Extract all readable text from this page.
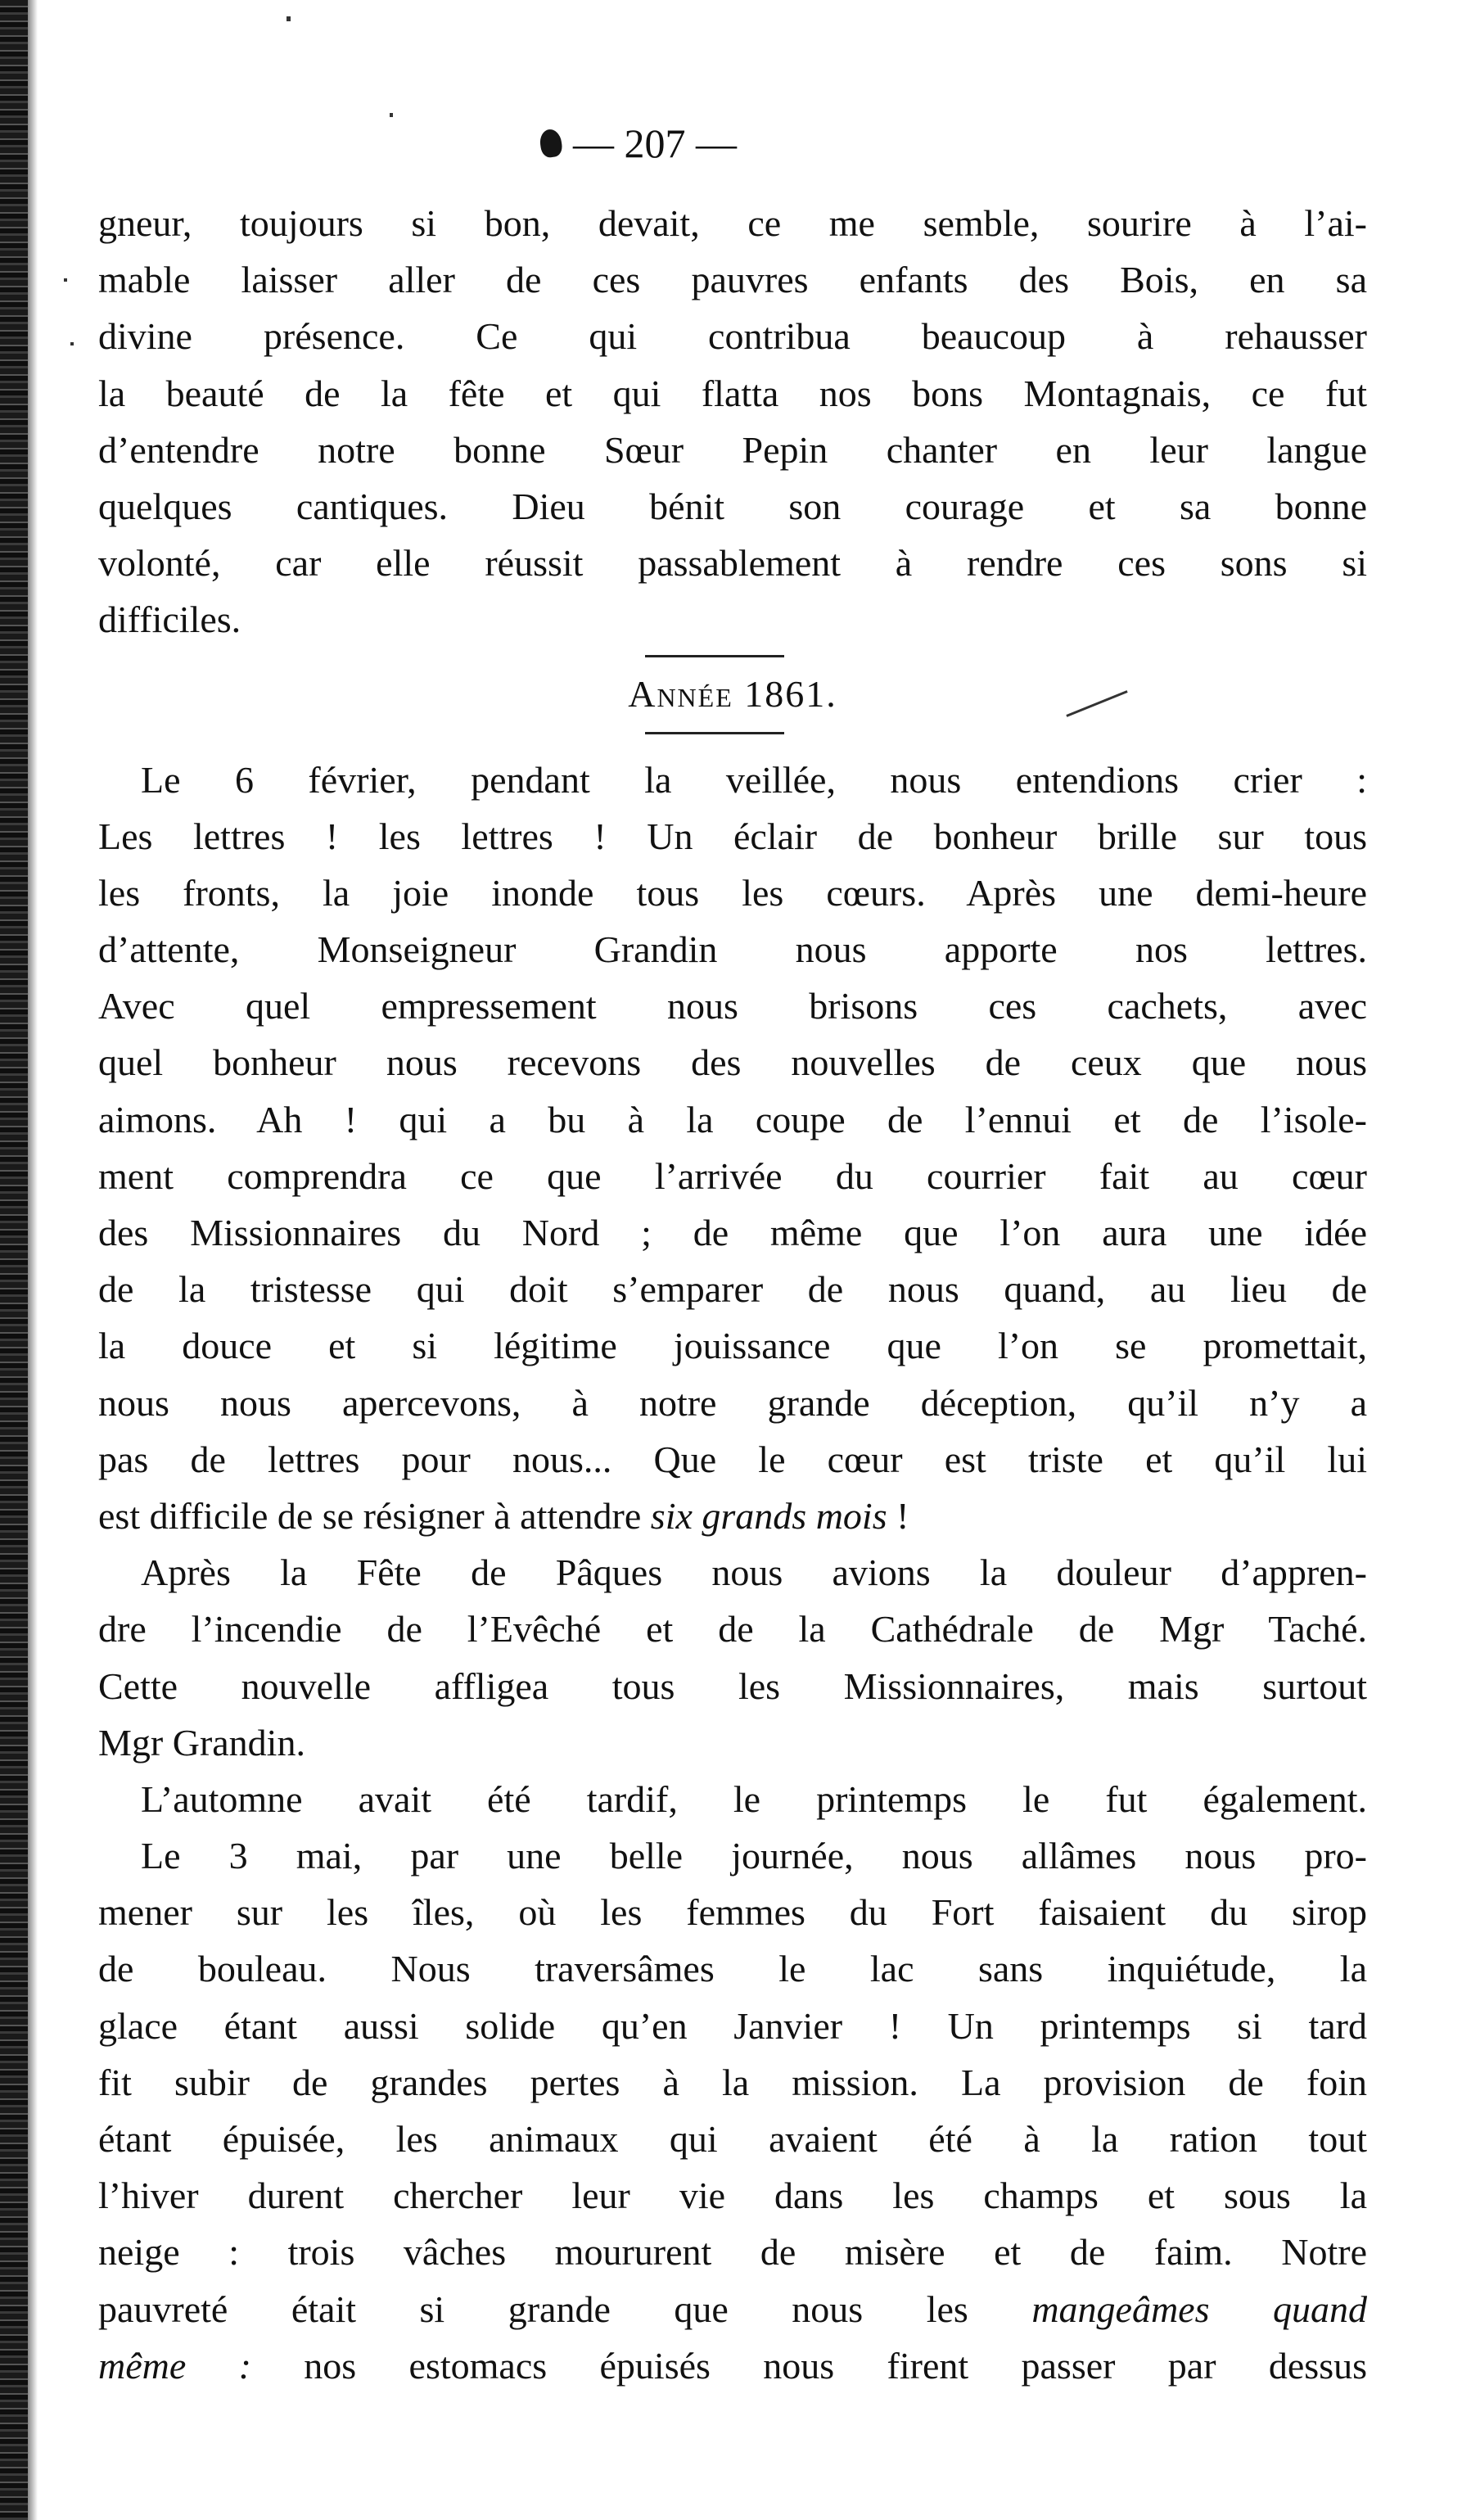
— 207 —
gneur, toujours si bon, devait, ce me semble, sourire à l’ai-
mable laisser aller de ces pauvres enfants des Bois, en sa
divine présence. Ce qui contribua beaucoup à rehausser
la beauté de la fête et qui flatta nos bons Montagnais, ce fut
d’entendre notre bonne Sœur Pepin chanter en leur langue
quelques cantiques. Dieu bénit son courage et sa bonne
volonté, car elle réussit passablement à rendre ces sons si
difficiles.
Année 1861.
Le 6 février, pendant la veillée, nous entendions crier :
Les lettres ! les lettres ! Un éclair de bonheur brille sur tous
les fronts, la joie inonde tous les cœurs. Après une demi-heure
d’attente, Monseigneur Grandin nous apporte nos lettres.
Avec quel empressement nous brisons ces cachets, avec
quel bonheur nous recevons des nouvelles de ceux que nous
aimons. Ah ! qui a bu à la coupe de l’ennui et de l’isole-
ment comprendra ce que l’arrivée du courrier fait au cœur
des Missionnaires du Nord ; de même que l’on aura une idée
de la tristesse qui doit s’emparer de nous quand, au lieu de
la douce et si légitime jouissance que l’on se promettait,
nous nous apercevons, à notre grande déception, qu’il n’y a
pas de lettres pour nous... Que le cœur est triste et qu’il lui
est difficile de se résigner à attendre six grands mois !
Après la Fête de Pâques nous avions la douleur d’appren-
dre l’incendie de l’Evêché et de la Cathédrale de Mgr Taché.
Cette nouvelle affligea tous les Missionnaires, mais surtout
Mgr Grandin.
L’automne avait été tardif, le printemps le fut également.
Le 3 mai, par une belle journée, nous allâmes nous pro-
mener sur les îles, où les femmes du Fort faisaient du sirop
de bouleau. Nous traversâmes le lac sans inquiétude, la
glace étant aussi solide qu’en Janvier ! Un printemps si tard
fit subir de grandes pertes à la mission. La provision de foin
étant épuisée, les animaux qui avaient été à la ration tout
l’hiver durent chercher leur vie dans les champs et sous la
neige : trois vâches moururent de misère et de faim. Notre
pauvreté était si grande que nous les mangeâmes quand
même : nos estomacs épuisés nous firent passer par dessus
